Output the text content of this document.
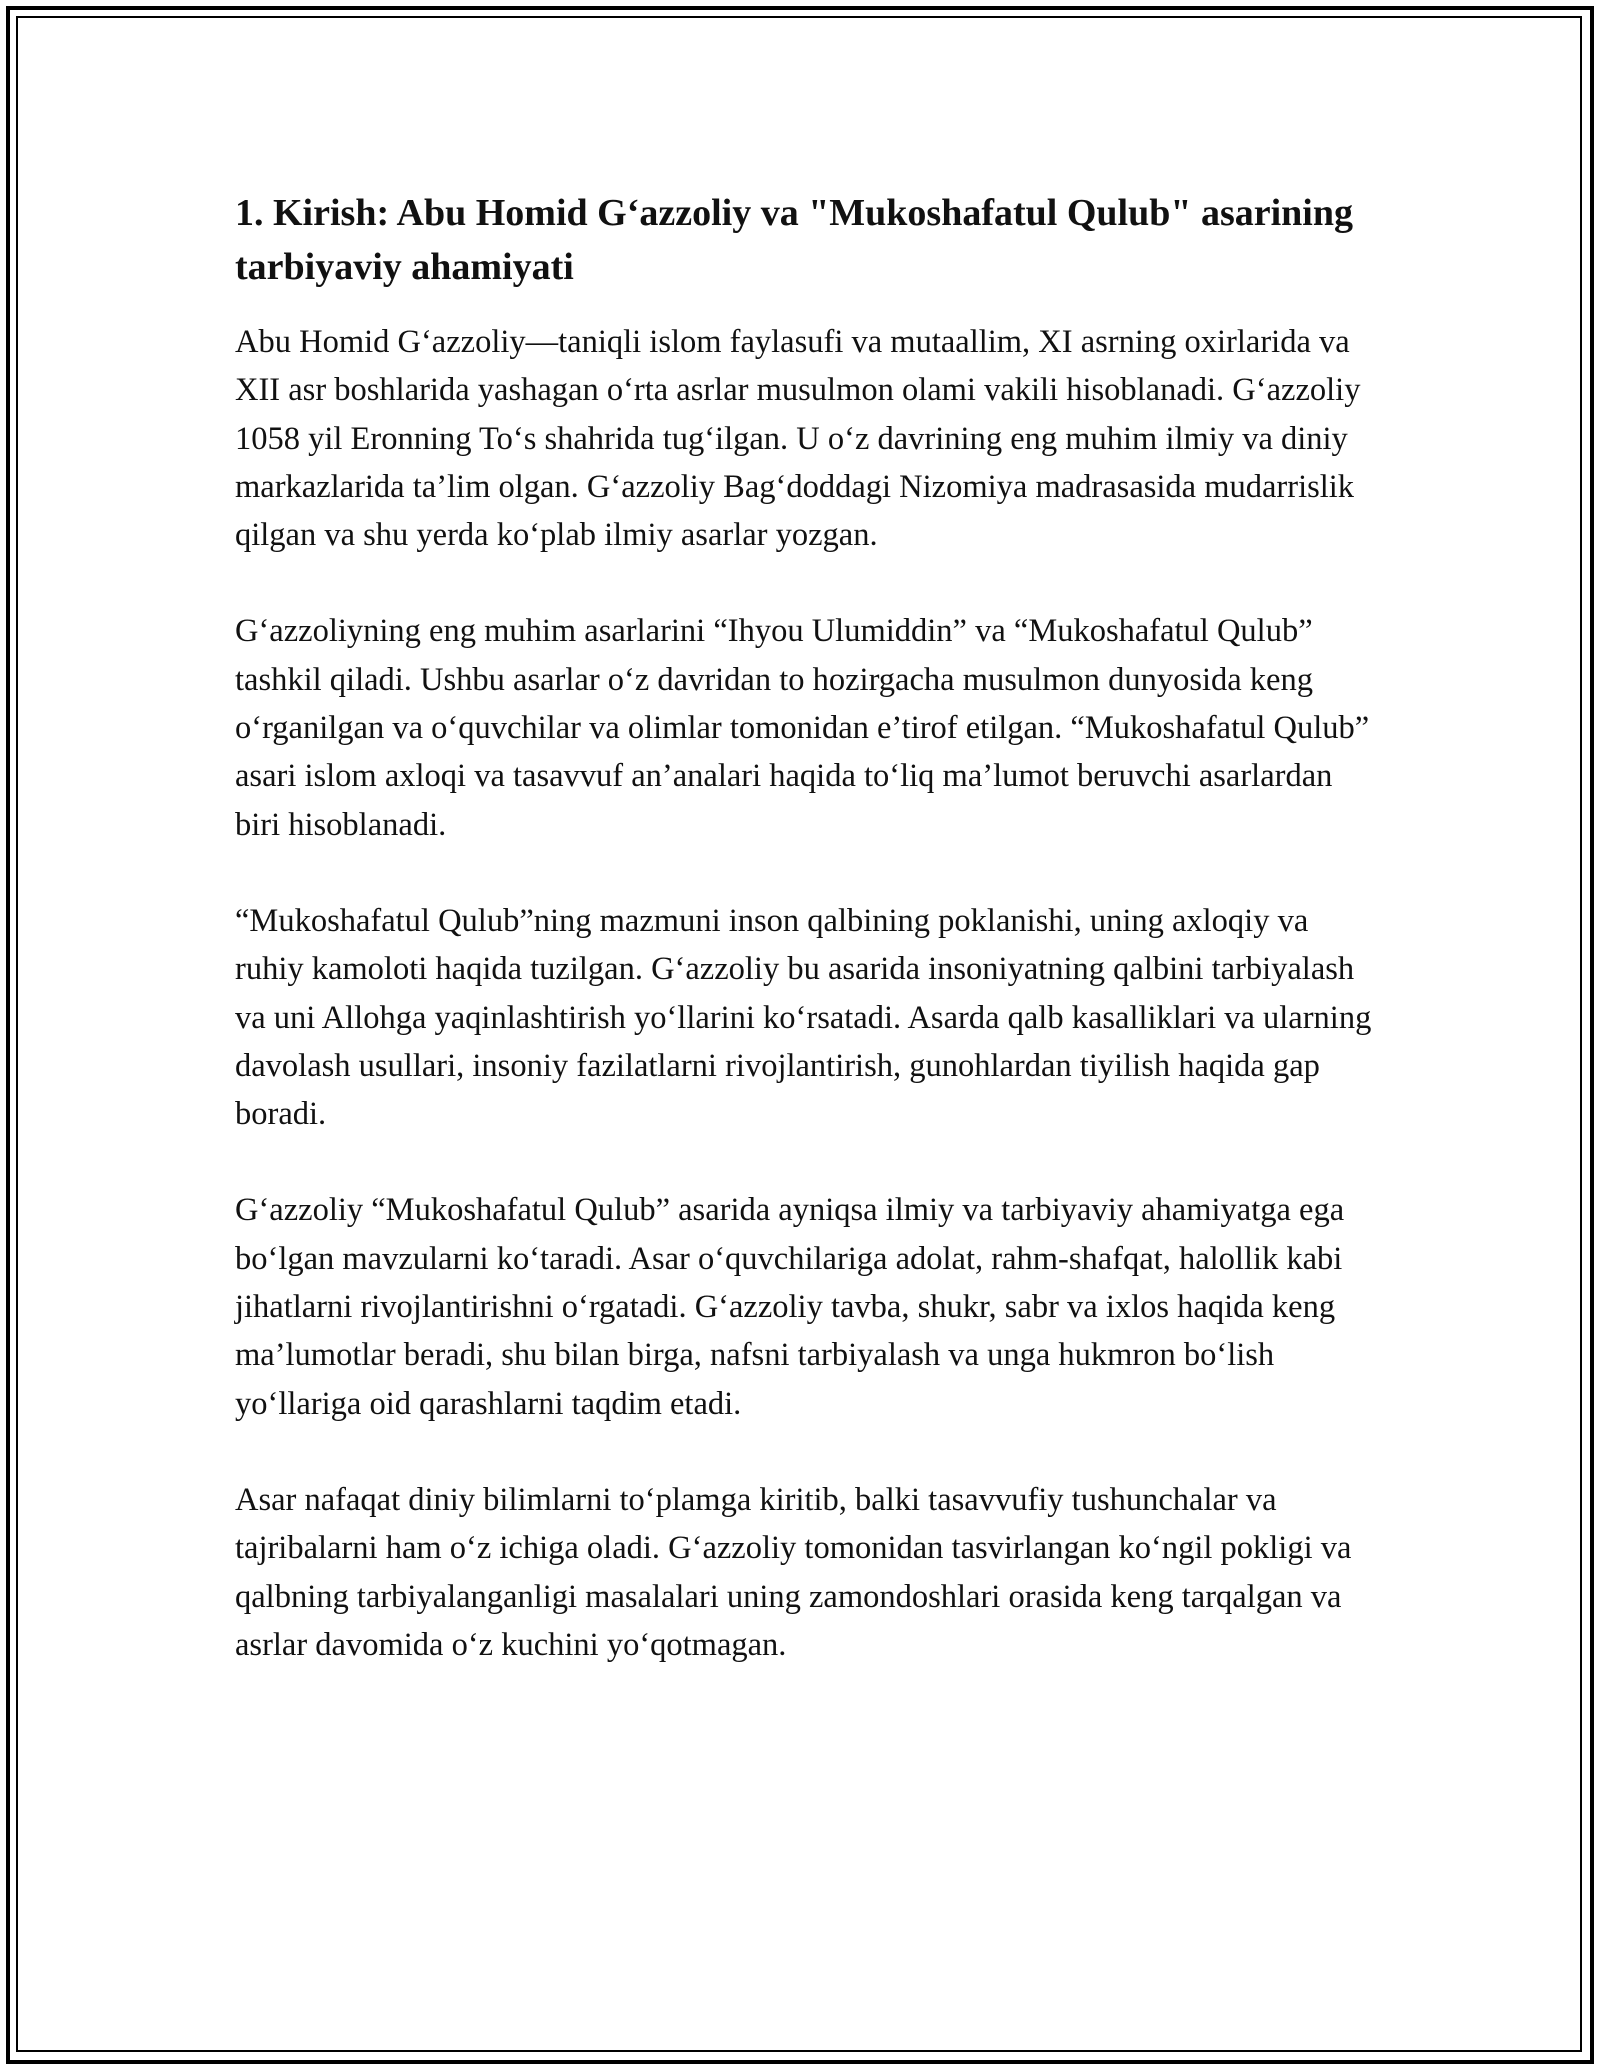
1. Kirish: Abu Homid G‘azzoliy va "Mukoshafatul Qulub" asarining tarbiyaviy ahamiyati

Abu Homid G‘azzoliy—taniqli islom faylasufi va mutaallim, XI asrning oxirlarida va XII asr boshlarida yashagan o‘rta asrlar musulmon olami vakili hisoblanadi. G‘azzoliy 1058 yil Eronning To‘s shahrida tug‘ilgan. U o‘z davrining eng muhim ilmiy va diniy markazlarida ta’lim olgan. G‘azzoliy Bag‘doddagi Nizomiya madrasasida mudarrislik qilgan va shu yerda ko‘plab ilmiy asarlar yozgan.

G‘azzoliyning eng muhim asarlarini “Ihyou Ulumiddin” va “Mukoshafatul Qulub” tashkil qiladi. Ushbu asarlar o‘z davridan to hozirgacha musulmon dunyosida keng o‘rganilgan va o‘quvchilar va olimlar tomonidan e’tirof etilgan. “Mukoshafatul Qulub” asari islom axloqi va tasavvuf an’analari haqida to‘liq ma’lumot beruvchi asarlardan biri hisoblanadi.

“Mukoshafatul Qulub”ning mazmuni inson qalbining poklanishi, uning axloqiy va ruhiy kamoloti haqida tuzilgan. G‘azzoliy bu asarida insoniyatning qalbini tarbiyalash va uni Allohga yaqinlashtirish yo‘llarini ko‘rsatadi. Asarda qalb kasalliklari va ularning davolash usullari, insoniy fazilatlarni rivojlantirish, gunohlardan tiyilish haqida gap boradi.

G‘azzoliy “Mukoshafatul Qulub” asarida ayniqsa ilmiy va tarbiyaviy ahamiyatga ega bo‘lgan mavzularni ko‘taradi. Asar o‘quvchilariga adolat, rahm-shafqat, halollik kabi jihatlarni rivojlantirishni o‘rgatadi. G‘azzoliy tavba, shukr, sabr va ixlos haqida keng ma’lumotlar beradi, shu bilan birga, nafsni tarbiyalash va unga hukmron bo‘lish yo‘llariga oid qarashlarni taqdim etadi.

Asar nafaqat diniy bilimlarni to‘plamga kiritib, balki tasavvufiy tushunchalar va tajribalarni ham o‘z ichiga oladi. G‘azzoliy tomonidan tasvirlangan ko‘ngil pokligi va qalbning tarbiyalanganligi masalalari uning zamondoshlari orasida keng tarqalgan va asrlar davomida o‘z kuchini yo‘qotmagan.
